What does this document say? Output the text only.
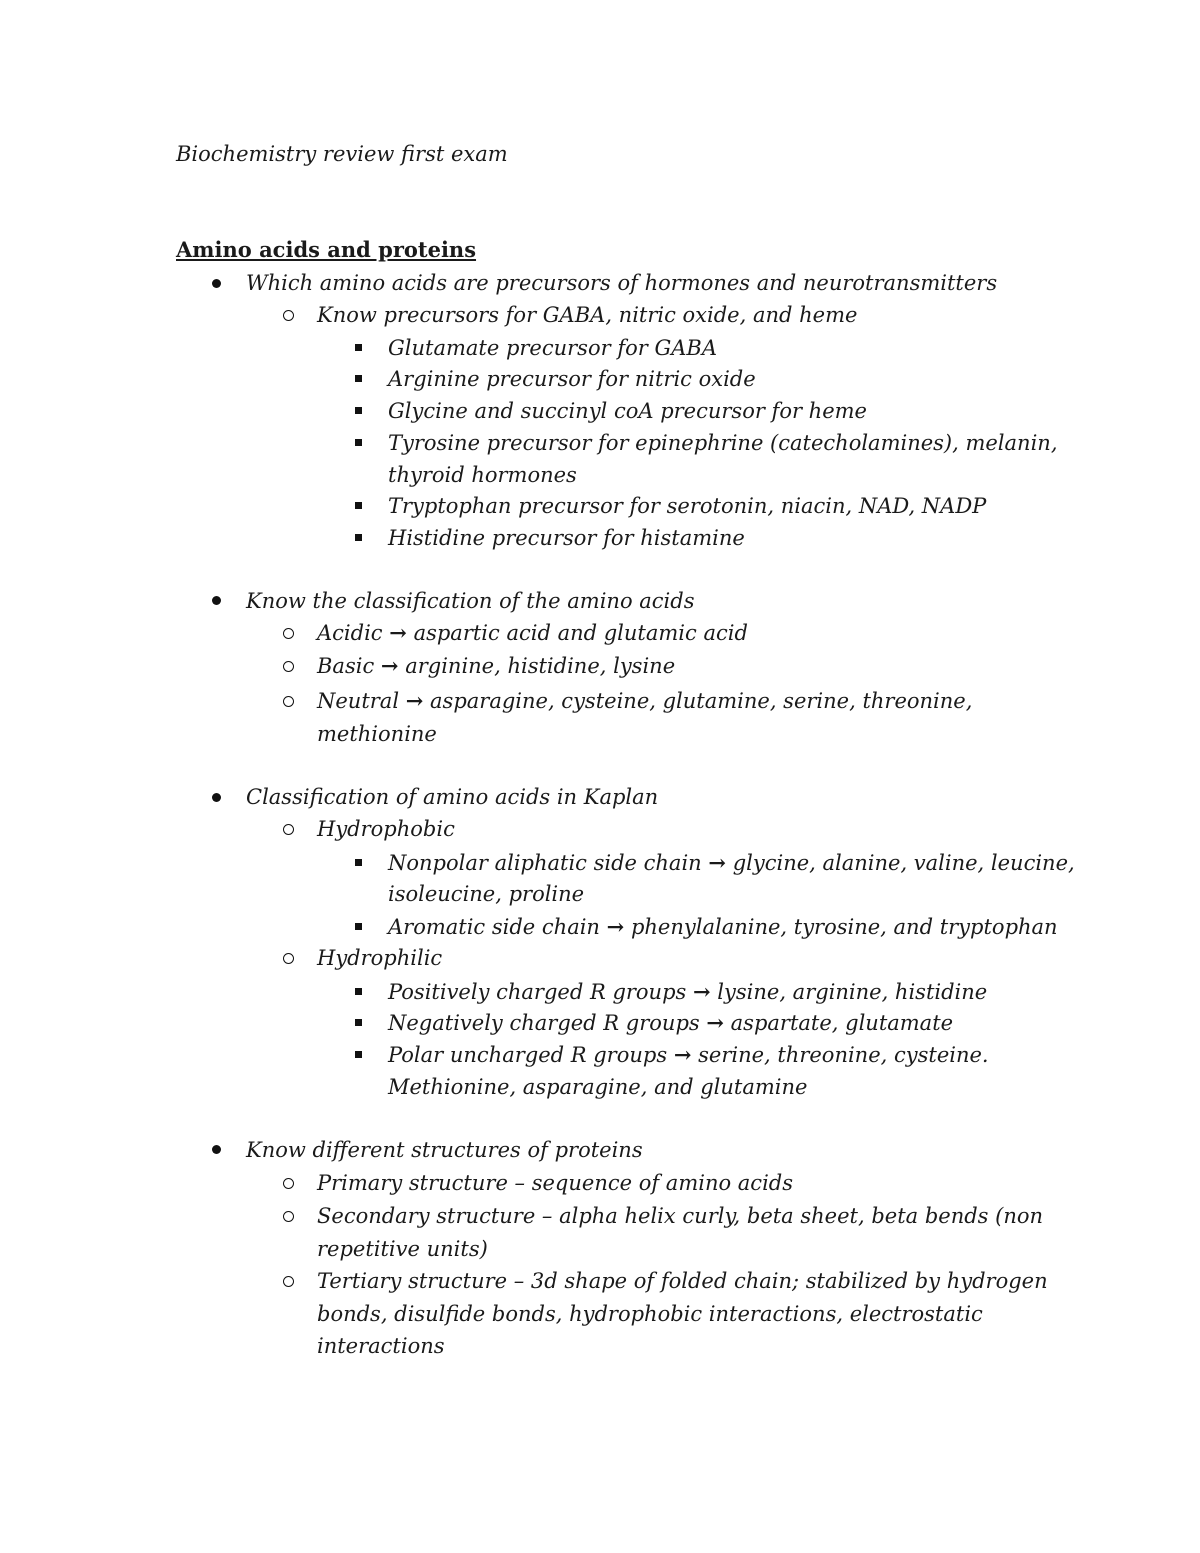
Biochemistry review first exam
Amino acids and proteins
Which amino acids are precursors of hormones and neurotransmitters
Know precursors for GABA, nitric oxide, and heme
Glutamate precursor for GABA
Arginine precursor for nitric oxide
Glycine and succinyl coA precursor for heme
Tyrosine precursor for epinephrine (catecholamines), melanin,
thyroid hormones
Tryptophan precursor for serotonin, niacin, NAD, NADP
Histidine precursor for histamine
Know the classification of the amino acids
Acidic → aspartic acid and glutamic acid
Basic → arginine, histidine, lysine
Neutral → asparagine, cysteine, glutamine, serine, threonine,
methionine
Classification of amino acids in Kaplan
Hydrophobic
Nonpolar aliphatic side chain → glycine, alanine, valine, leucine,
isoleucine, proline
Aromatic side chain → phenylalanine, tyrosine, and tryptophan
Hydrophilic
Positively charged R groups → lysine, arginine, histidine
Negatively charged R groups → aspartate, glutamate
Polar uncharged R groups → serine, threonine, cysteine.
Methionine, asparagine, and glutamine
Know different structures of proteins
Primary structure – sequence of amino acids
Secondary structure – alpha helix curly, beta sheet, beta bends (non
repetitive units)
Tertiary structure – 3d shape of folded chain; stabilized by hydrogen
bonds, disulfide bonds, hydrophobic interactions, electrostatic
interactions
